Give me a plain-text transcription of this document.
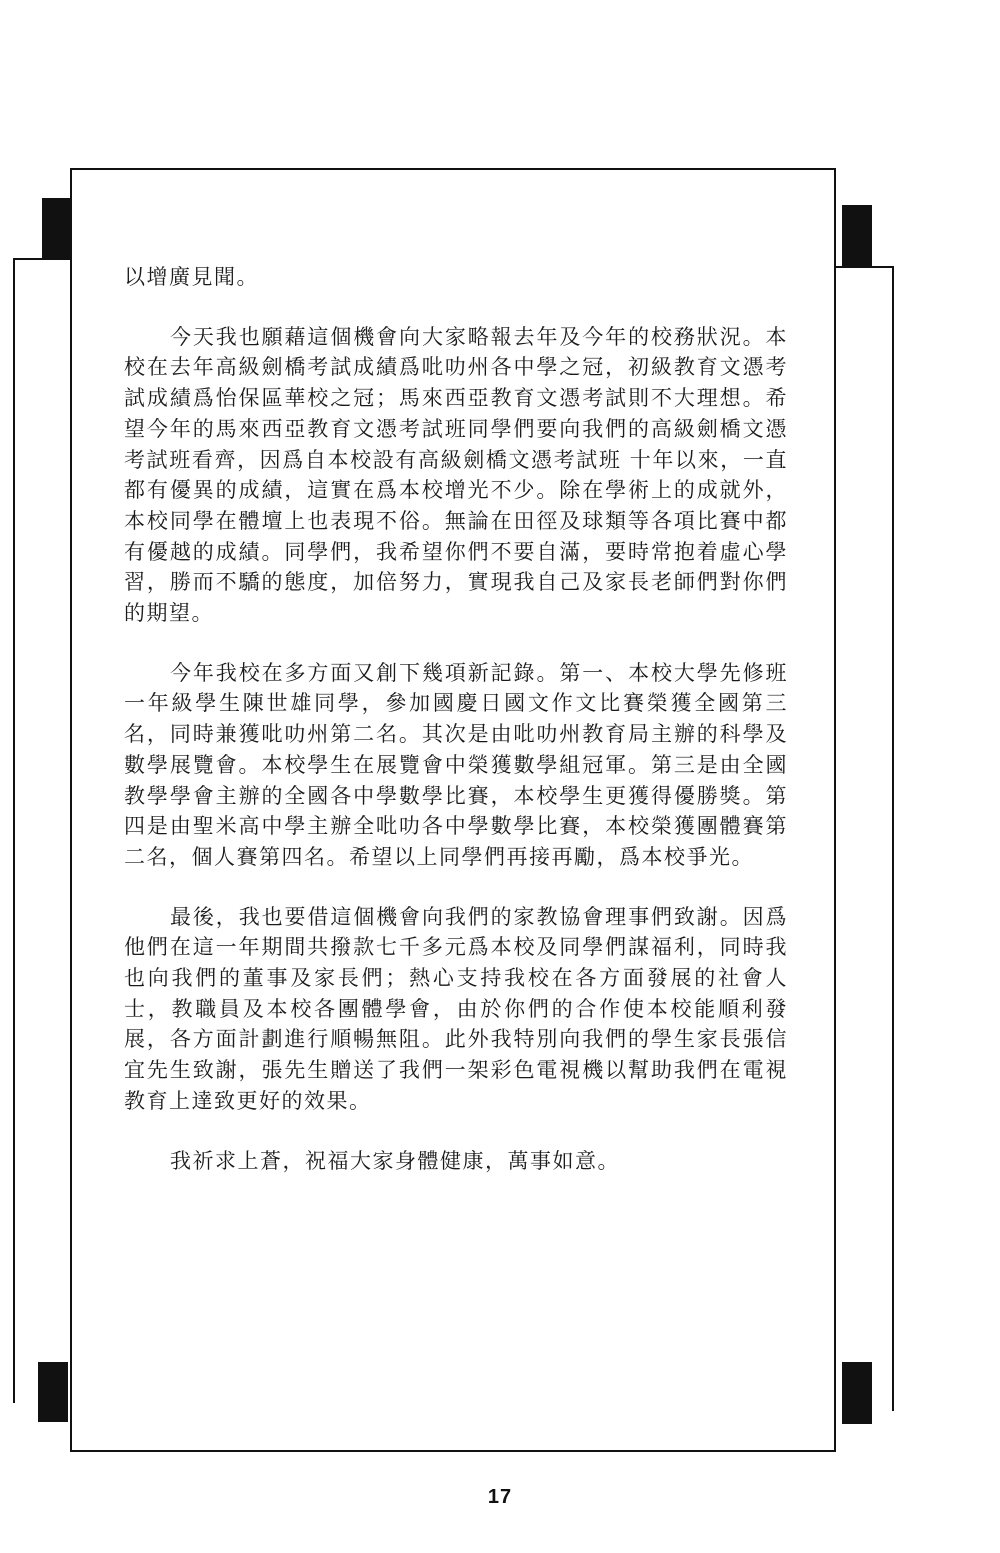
以增廣見聞。

今天我也願藉這個機會向大家略報去年及今年的校務狀況。本校在去年高級劍橋考試成績爲吡叻州各中學之冠，初級教育文憑考試成績爲怡保區華校之冠；馬來西亞教育文憑考試則不大理想。希望今年的馬來西亞教育文憑考試班同學們要向我們的高級劍橋文憑考試班看齊，因爲自本校設有高級劍橋文憑考試班 十年以來，一直都有優異的成績，這實在爲本校增光不少。除在學術上的成就外，本校同學在體壇上也表現不俗。無論在田徑及球類等各項比賽中都有優越的成績。同學們，我希望你們不要自滿，要時常抱着虛心學習，勝而不驕的態度，加倍努力，實現我自己及家長老師們對你們的期望。

今年我校在多方面又創下幾項新記錄。第一、本校大學先修班一年級學生陳世雄同學，參加國慶日國文作文比賽榮獲全國第三名，同時兼獲吡叻州第二名。其次是由吡叻州教育局主辦的科學及數學展覽會。本校學生在展覽會中榮獲數學組冠軍。第三是由全國教學學會主辦的全國各中學數學比賽，本校學生更獲得優勝獎。第四是由聖米高中學主辦全吡叻各中學數學比賽，本校榮獲團體賽第二名，個人賽第四名。希望以上同學們再接再勵，爲本校爭光。

最後，我也要借這個機會向我們的家教協會理事們致謝。因爲他們在這一年期間共撥款七千多元爲本校及同學們謀福利，同時我也向我們的董事及家長們；熱心支持我校在各方面發展的社會人士，教職員及本校各團體學會，由於你們的合作使本校能順利發展，各方面計劃進行順暢無阻。此外我特別向我們的學生家長張信宜先生致謝，張先生贈送了我們一架彩色電視機以幫助我們在電視教育上達致更好的效果。

我祈求上蒼，祝福大家身體健康，萬事如意。

17
